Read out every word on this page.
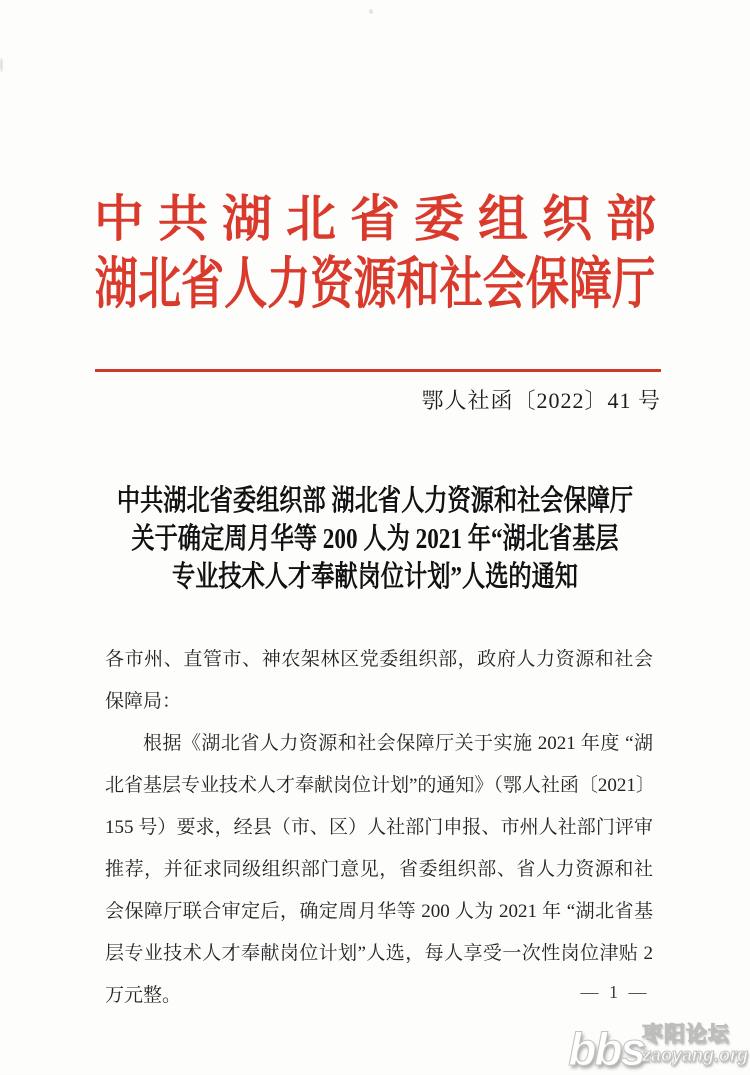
中共湖北省委组织部
湖北省人力资源和社会保障厅
鄂人社函〔2022〕41 号
中共湖北省委组织部 湖北省人力资源和社会保障厅
关于确定周月华等 200 人为 2021 年“湖北省基层
专业技术人才奉献岗位计划”人选的通知
各市州、直管市、神农架林区党委组织部，政府人力资源和社会
保障局：
根据《湖北省人力资源和社会保障厅关于实施 2021 年度 “湖
北省基层专业技术人才奉献岗位计划”的通知》（鄂人社函〔2021〕
155 号）要求，经县（市、区）人社部门申报、市州人社部门评审
推荐，并征求同级组织部门意见，省委组织部、省人力资源和社
会保障厅联合审定后，确定周月华等 200 人为 2021 年 “湖北省基
层专业技术人才奉献岗位计划”人选，每人享受一次性岗位津贴 2
万元整。	— 1 —
bbs
枣阳论坛
zaoyang.org
